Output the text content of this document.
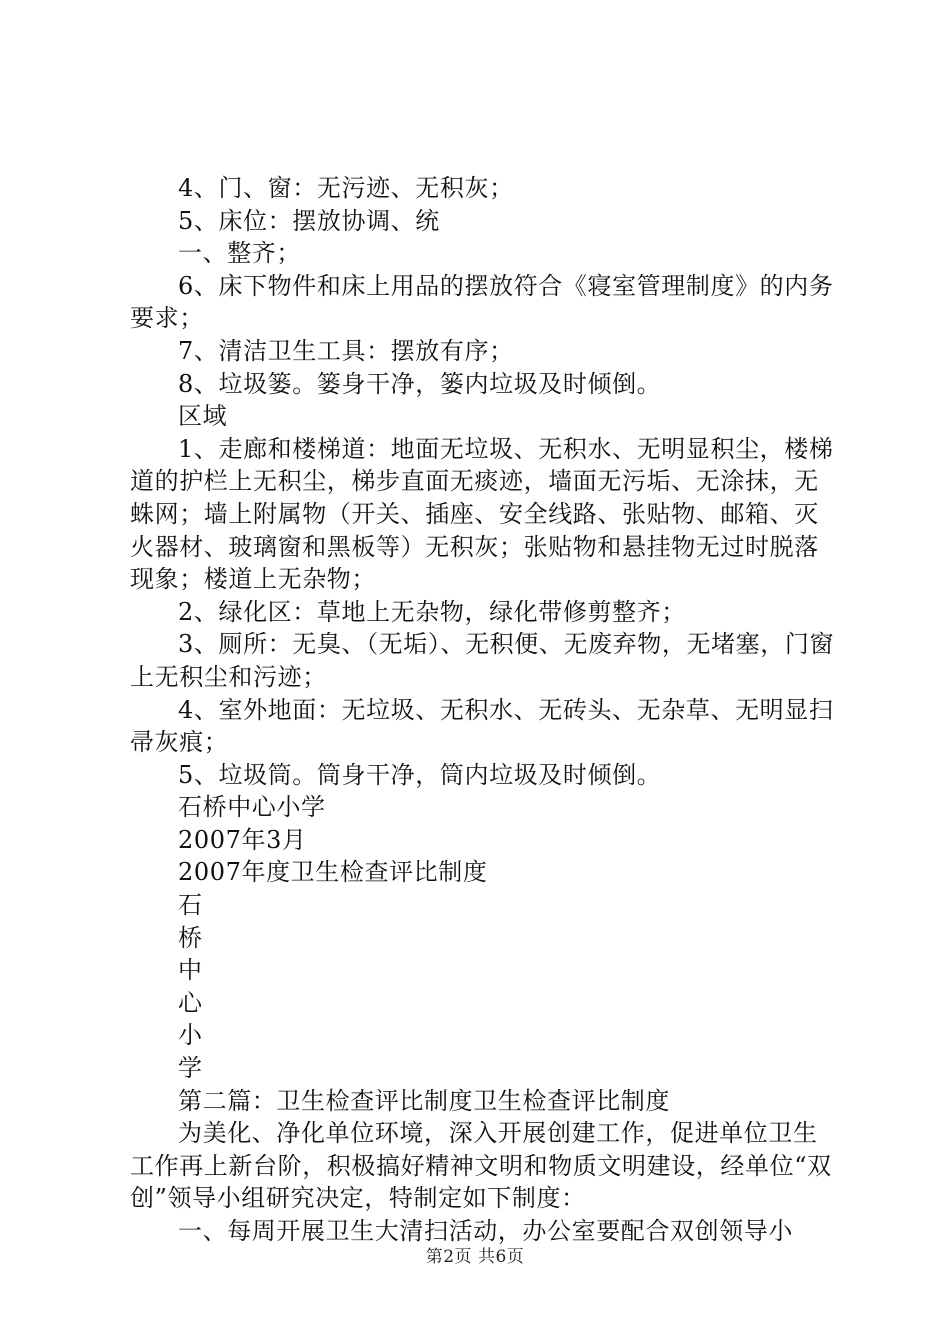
4、门、窗：无污迹、无积灰；

5、床位：摆放协调、统

一、整齐；

6、床下物件和床上用品的摆放符合《寝室管理制度》的内务要求；

7、清洁卫生工具：摆放有序；

8、垃圾篓。篓身干净，篓内垃圾及时倾倒。

区域

1、走廊和楼梯道：地面无垃圾、无积水、无明显积尘，楼梯道的护栏上无积尘，梯步直面无痰迹，墙面无污垢、无涂抹，无蛛网；墙上附属物（开关、插座、安全线路、张贴物、邮箱、灭火器材、玻璃窗和黑板等）无积灰；张贴物和悬挂物无过时脱落现象；楼道上无杂物；

2、绿化区：草地上无杂物，绿化带修剪整齐；

3、厕所：无臭、（无垢）、无积便、无废弃物，无堵塞，门窗上无积尘和污迹；

4、室外地面：无垃圾、无积水、无砖头、无杂草、无明显扫帚灰痕；

5、垃圾筒。筒身干净，筒内垃圾及时倾倒。

石桥中心小学

2007年3月

2007年度卫生检查评比制度

石

桥

中

心

小

学

第二篇：卫生检查评比制度卫生检查评比制度

为美化、净化单位环境，深入开展创建工作，促进单位卫生工作再上新台阶，积极搞好精神文明和物质文明建设，经单位“双创”领导小组研究决定，特制定如下制度：

一、每周开展卫生大清扫活动，办公室要配合双创领导小

第2页 共6页
